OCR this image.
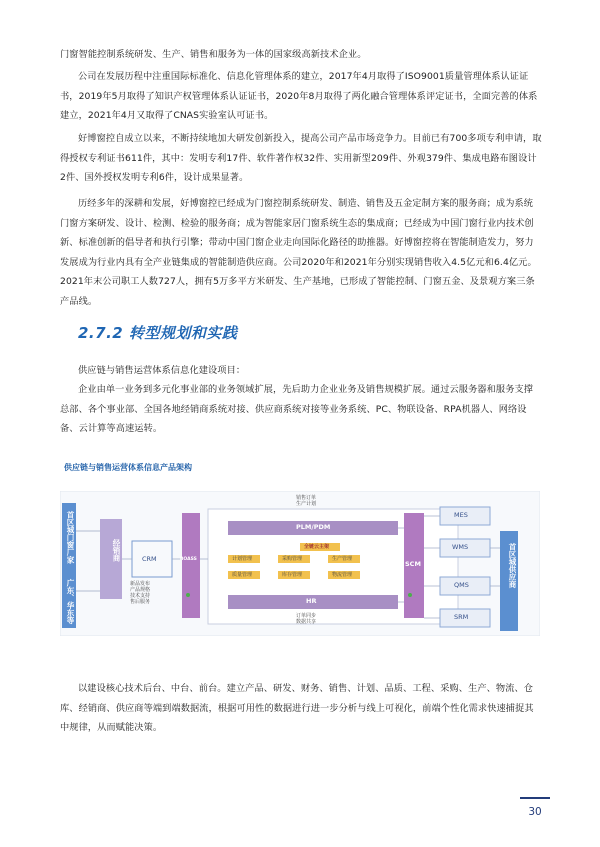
门窗智能控制系统研发、生产、销售和服务为一体的国家级高新技术企业。

公司在发展历程中注重国际标准化、信息化管理体系的建立，2017年4月取得了ISO9001质量管理体系认证证书，2019年5月取得了知识产权管理体系认证证书，2020年8月取得了两化融合管理体系评定证书，全面完善的体系建立，2021年4月又取得了CNAS实验室认可证书。

好博窗控自成立以来，不断持续地加大研发创新投入，提高公司产品市场竞争力。目前已有700多项专利申请，取得授权专利证书611件，其中：发明专利17件、软件著作权32件、实用新型209件、外观379件、集成电路布图设计2件、国外授权发明专利6件，设计成果显著。

历经多年的深耕和发展，好博窗控已经成为门窗控制系统研发、制造、销售及五金定制方案的服务商；成为系统门窗方案研发、设计、检测、检验的服务商；成为智能家居门窗系统生态的集成商；已经成为中国门窗行业内技术创新、标准创新的倡导者和执行引擎；带动中国门窗企业走向国际化路径的助推器。好博窗控将在智能制造发力，努力发展成为行业内具有全产业链集成的智能制造供应商。公司2020年和2021年分别实现销售收入4.5亿元和6.4亿元。2021年末公司职工人数727人，拥有5万多平方米研发、生产基地，已形成了智能控制、门窗五金、及景观方案三条产品线。

2.7.2 转型规划和实践

供应链与销售运营体系信息化建设项目：

企业由单一业务到多元化事业部的业务领域扩展，先后助力企业业务及销售规模扩展。通过云服务器和服务支撑总部、各个事业部、全国各地经销商系统对接、供应商系统对接等业务系统、PC、物联设备、RPA机器人、网络设备、云计算等高速运转。

供应链与销售运营体系信息产品架构

首区城门窗厂家
广东、华东等
经销商	CRM
新品发布
产品规格
技术支持
售后服务
BOASS
销售订单
生产计划
PLM/PDM
全链云主架
计划管理	采购管理	生产管理
质量管理	库存管理	物流管理
HR
订单同步
数据共享
SCM
MES
WMS
QMS
SRM
首区城供应商

以建设核心技术后台、中台、前台。建立产品、研发、财务、销售、计划、品质、工程、采购、生产、物流、仓库、经销商、供应商等端到端数据流，根据可用性的数据进行进一步分析与线上可视化，前端个性化需求快速捕捉其中规律，从而赋能决策。

30
